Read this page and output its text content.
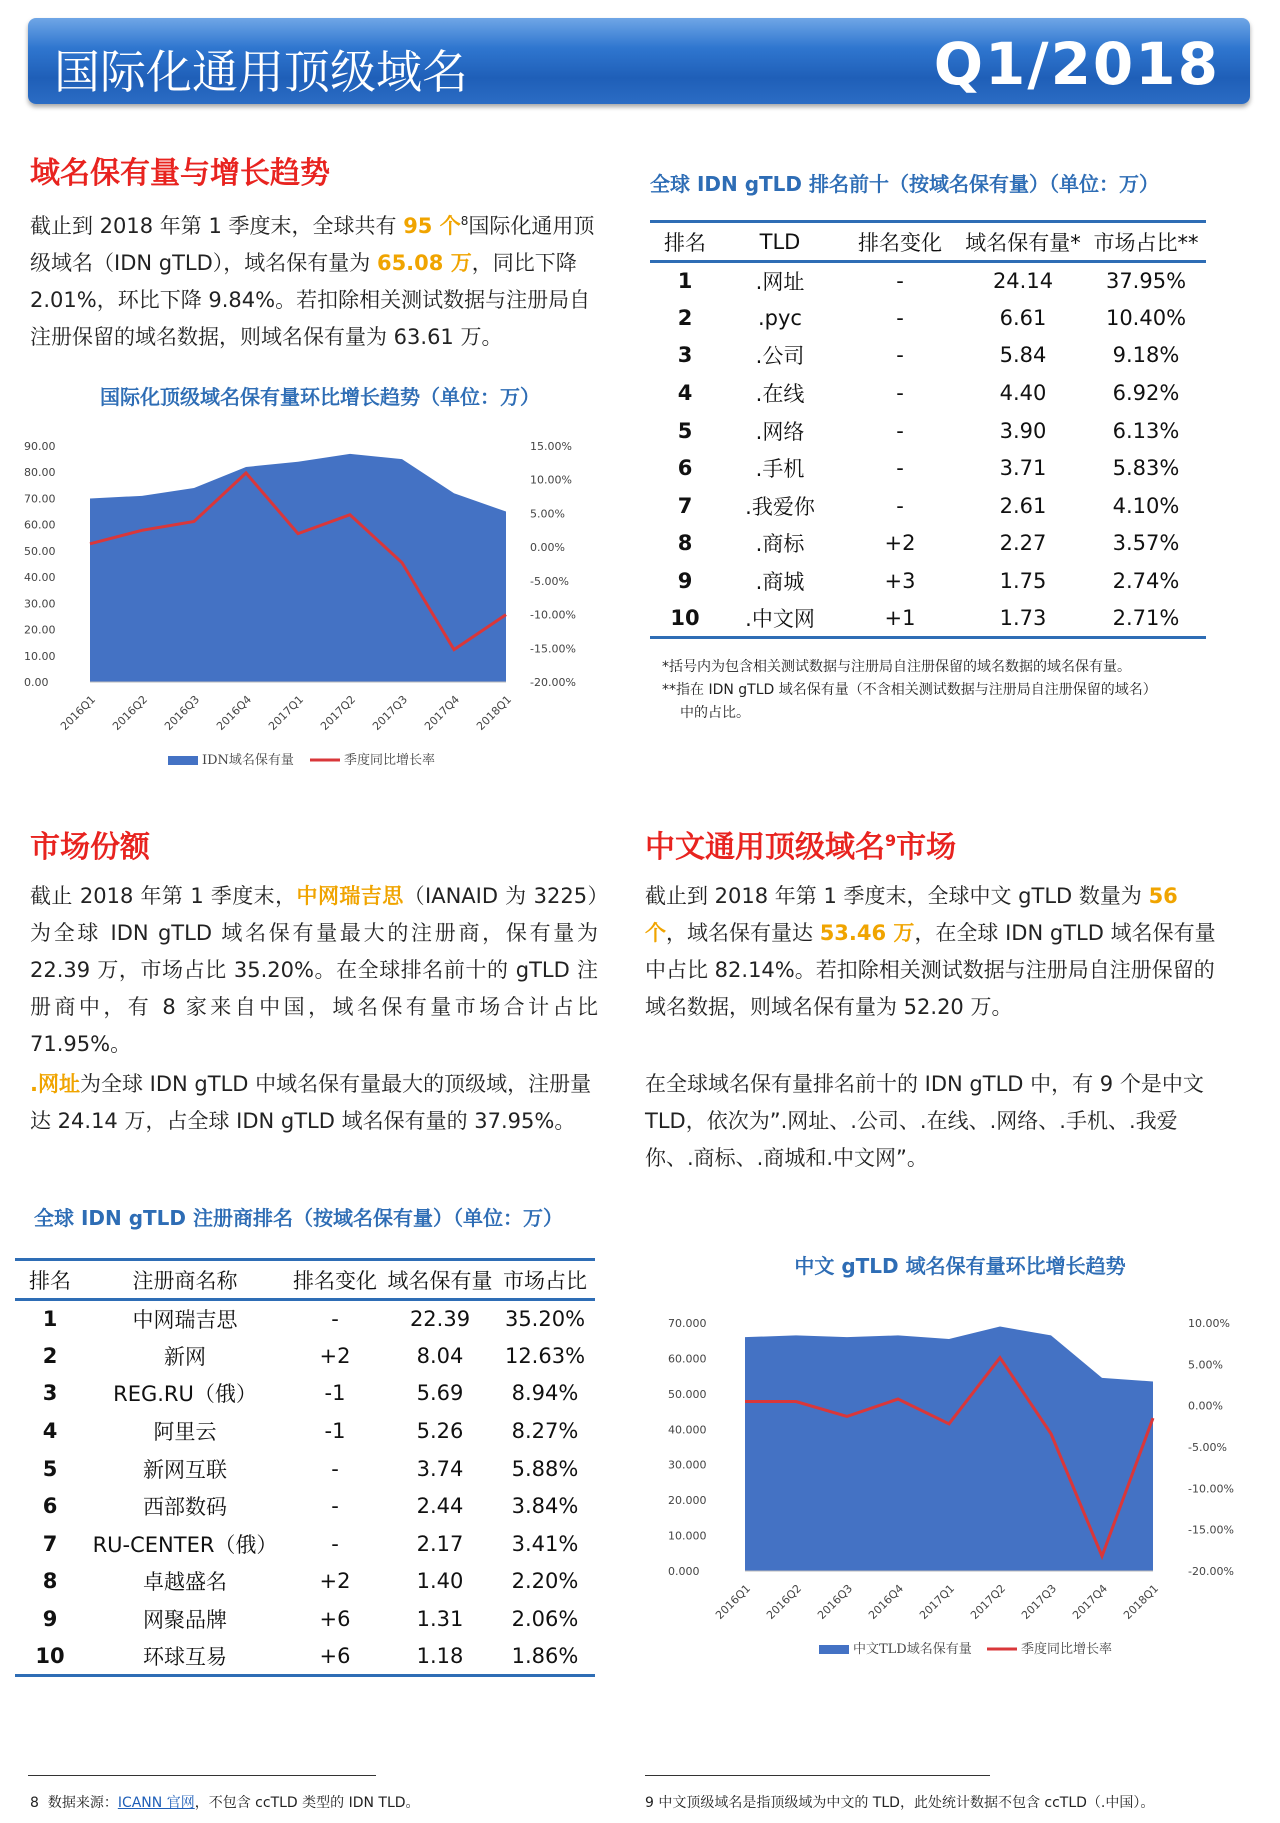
国际化通用顶级域名	Q1/2018
域名保有量与增长趋势
截止到 2018 年第 1 季度末，全球共有 95 个$^8$国际化通用顶级域名（IDN gTLD），域名保有量为 65.08 万，同比下降 2.01%，环比下降 9.84%。若扣除相关测试数据与注册局自注册保留的域名数据，则域名保有量为 63.61 万。
国际化顶级域名保有量环比增长趋势（单位：万）
0.00
10.00
20.00
30.00
40.00
50.00
60.00
70.00
80.00
90.00
-20.00%
-15.00%
-10.00%
-5.00%
0.00%
5.00%
10.00%
15.00%
2016Q1 2016Q2 2016Q3 2016Q4 2017Q1 2017Q2 2017Q3 2017Q4 2018Q1
IDN域名保有量	季度同比增长率
全球 IDN gTLD 排名前十（按域名保有量）（单位：万）
排名	TLD	排名变化	域名保有量*	市场占比**
1	.网址	-	24.14	37.95%
2	.рус	-	6.61	10.40%
3	.公司	-	5.84	9.18%
4	.在线	-	4.40	6.92%
5	.网络	-	3.90	6.13%
6	.手机	-	3.71	5.83%
7	.我爱你	-	2.61	4.10%
8	.商标	+2	2.27	3.57%
9	.商城	+3	1.75	2.74%
10	.中文网	+1	1.73	2.71%
*括号内为包含相关测试数据与注册局自注册保留的域名数据的域名保有量。
**指在 IDN gTLD 域名保有量（不含相关测试数据与注册局自注册保留的域名）
中的占比。
市场份额
截止 2018 年第 1 季度末，中网瑞吉思（IANAID 为 3225）为全球 IDN gTLD 域名保有量最大的注册商，保有量为 22.39 万，市场占比 35.20%。在全球排名前十的 gTLD 注册商中，有 8 家来自中国，域名保有量市场合计占比 71.95%。
.网址为全球 IDN gTLD 中域名保有量最大的顶级域，注册量达 24.14 万，占全球 IDN gTLD 域名保有量的 37.95%。
全球 IDN gTLD 注册商排名（按域名保有量）（单位：万）
排名	注册商名称	排名变化	域名保有量	市场占比
1	中网瑞吉思	-	22.39	35.20%
2	新网	+2	8.04	12.63%
3	REG.RU（俄）	-1	5.69	8.94%
4	阿里云	-1	5.26	8.27%
5	新网互联	-	3.74	5.88%
6	西部数码	-	2.44	3.84%
7	RU-CENTER（俄）	-	2.17	3.41%
8	卓越盛名	+2	1.40	2.20%
9	网聚品牌	+6	1.31	2.06%
10	环球互易	+6	1.18	1.86%
中文通用顶级域名$^9$市场
截止到 2018 年第 1 季度末，全球中文 gTLD 数量为 56 个，域名保有量达 53.46 万，在全球 IDN gTLD 域名保有量中占比 82.14%。若扣除相关测试数据与注册局自注册保留的域名数据，则域名保有量为 52.20 万。
在全球域名保有量排名前十的 IDN gTLD 中，有 9 个是中文 TLD，依次为”.网址、.公司、.在线、.网络、.手机、.我爱你、.商标、.商城和.中文网”。
中文 gTLD 域名保有量环比增长趋势
0.000
10.000
20.000
30.000
40.000
50.000
60.000
70.000
-20.00%
-15.00%
-10.00%
-5.00%
0.00%
5.00%
10.00%
2016Q1 2016Q2 2016Q3 2016Q4 2017Q1 2017Q2 2017Q3 2017Q4 2018Q1
中文TLD域名保有量	季度同比增长率
8 数据来源：ICANN 官网，不包含 ccTLD 类型的 IDN TLD。	9 中文顶级域名是指顶级域为中文的 TLD，此处统计数据不包含 ccTLD（.中国）。
